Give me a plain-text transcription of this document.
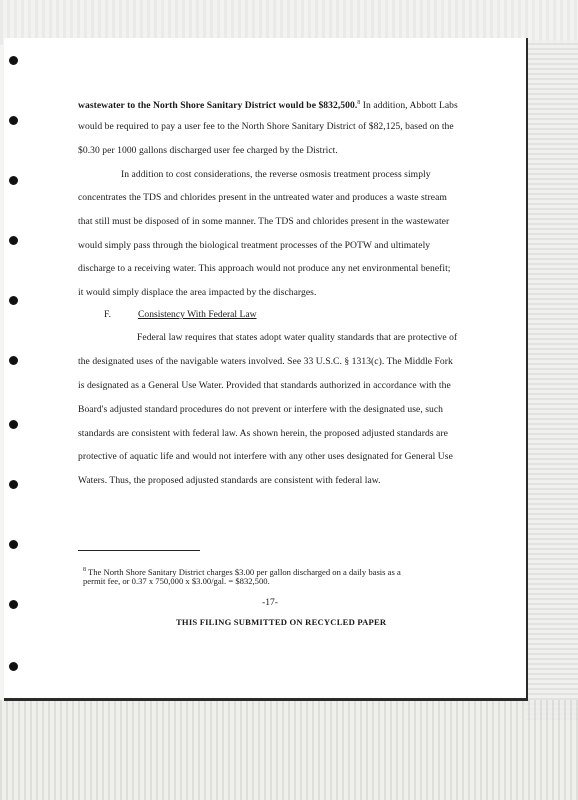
wastewater to the North Shore Sanitary District would be $832,500.$^8$ In addition, Abbott Labs
would be required to pay a user fee to the North Shore Sanitary District of $82,125, based on the
$0.30 per 1000 gallons discharged user fee charged by the District.
In addition to cost considerations, the reverse osmosis treatment process simply
concentrates the TDS and chlorides present in the untreated water and produces a waste stream
that still must be disposed of in some manner. The TDS and chlorides present in the wastewater
would simply pass through the biological treatment processes of the POTW and ultimately
discharge to a receiving water. This approach would not produce any net environmental benefit;
it would simply displace the area impacted by the discharges.
F.	Consistency With Federal Law
Federal law requires that states adopt water quality standards that are protective of
the designated uses of the navigable waters involved. See 33 U.S.C. § 1313(c). The Middle Fork
is designated as a General Use Water. Provided that standards authorized in accordance with the
Board's adjusted standard procedures do not prevent or interfere with the designated use, such
standards are consistent with federal law. As shown herein, the proposed adjusted standards are
protective of aquatic life and would not interfere with any other uses designated for General Use
Waters. Thus, the proposed adjusted standards are consistent with federal law.
$^8$ The North Shore Sanitary District charges $3.00 per gallon discharged on a daily basis as a
permit fee, or 0.37 x 750,000 x $3.00/gal. = $832,500.
-17-
THIS FILING SUBMITTED ON RECYCLED PAPER
